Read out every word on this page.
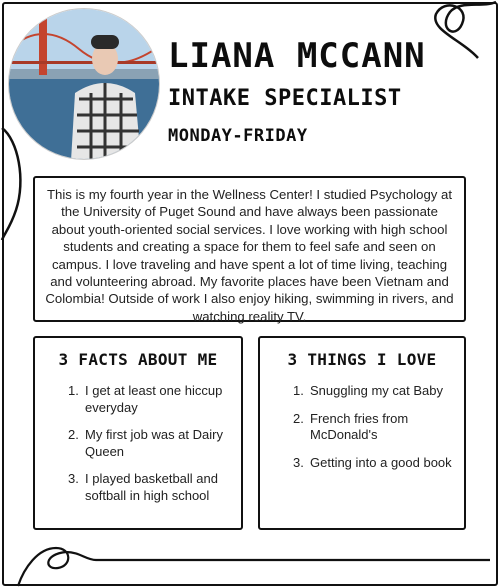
LIANA MCCANN
INTAKE SPECIALIST
MONDAY-FRIDAY

This is my fourth year in the Wellness Center! I studied Psychology at the University of Puget Sound and have always been passionate about youth-oriented social services. I love working with high school students and creating a space for them to feel safe and seen on campus. I love traveling and have spent a lot of time living, teaching and volunteering abroad. My favorite places have been Vietnam and Colombia! Outside of work I also enjoy hiking, swimming in rivers, and watching reality TV.

3 FACTS ABOUT ME
1. I get at least one hiccup everyday
2. My first job was at Dairy Queen
3. I played basketball and softball in high school
3 THINGS I LOVE
1. Snuggling my cat Baby
2. French fries from McDonald's
3. Getting into a good book
